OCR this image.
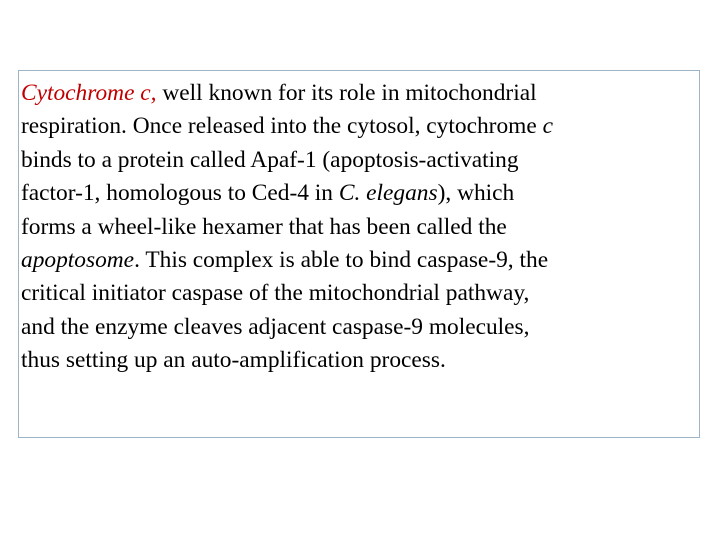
Cytochrome c, well known for its role in mitochondrial
respiration. Once released into the cytosol, cytochrome c
binds to a protein called Apaf-1 (apoptosis-activating
factor-1, homologous to Ced-4 in C. elegans), which
forms a wheel-like hexamer that has been called the
apoptosome. This complex is able to bind caspase-9, the
critical initiator caspase of the mitochondrial pathway,
and the enzyme cleaves adjacent caspase-9 molecules,
thus setting up an auto-amplification process.
